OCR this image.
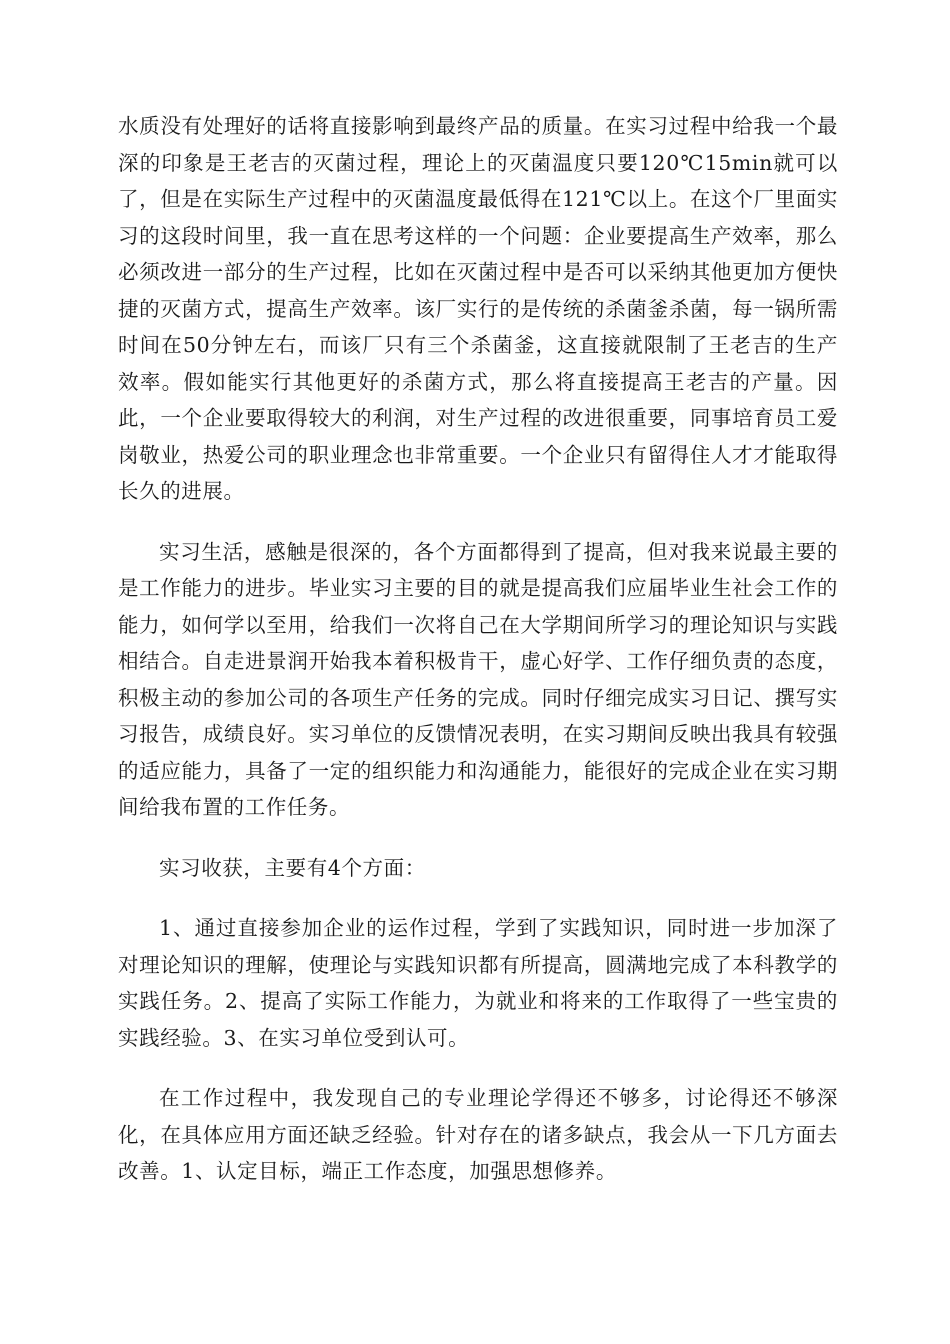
水质没有处理好的话将直接影响到最终产品的质量。在实习过程中给我一个最深的印象是王老吉的灭菌过程，理论上的灭菌温度只要120℃15min就可以了，但是在实际生产过程中的灭菌温度最低得在121℃以上。在这个厂里面实习的这段时间里，我一直在思考这样的一个问题：企业要提高生产效率，那么必须改进一部分的生产过程，比如在灭菌过程中是否可以采纳其他更加方便快捷的灭菌方式，提高生产效率。该厂实行的是传统的杀菌釜杀菌，每一锅所需时间在50分钟左右，而该厂只有三个杀菌釜，这直接就限制了王老吉的生产效率。假如能实行其他更好的杀菌方式，那么将直接提高王老吉的产量。因此，一个企业要取得较大的利润，对生产过程的改进很重要，同事培育员工爱岗敬业，热爱公司的职业理念也非常重要。一个企业只有留得住人才才能取得长久的进展。

实习生活，感触是很深的，各个方面都得到了提高，但对我来说最主要的是工作能力的进步。毕业实习主要的目的就是提高我们应届毕业生社会工作的能力，如何学以至用，给我们一次将自己在大学期间所学习的理论知识与实践相结合。自走进景润开始我本着积极肯干，虚心好学、工作仔细负责的态度，积极主动的参加公司的各项生产任务的完成。同时仔细完成实习日记、撰写实习报告，成绩良好。实习单位的反馈情况表明，在实习期间反映出我具有较强的适应能力，具备了一定的组织能力和沟通能力，能很好的完成企业在实习期间给我布置的工作任务。

实习收获，主要有4个方面：

1、通过直接参加企业的运作过程，学到了实践知识，同时进一步加深了对理论知识的理解，使理论与实践知识都有所提高，圆满地完成了本科教学的实践任务。2、提高了实际工作能力，为就业和将来的工作取得了一些宝贵的实践经验。3、在实习单位受到认可。

在工作过程中，我发现自己的专业理论学得还不够多，讨论得还不够深化，在具体应用方面还缺乏经验。针对存在的诸多缺点，我会从一下几方面去改善。1、认定目标，端正工作态度，加强思想修养。
